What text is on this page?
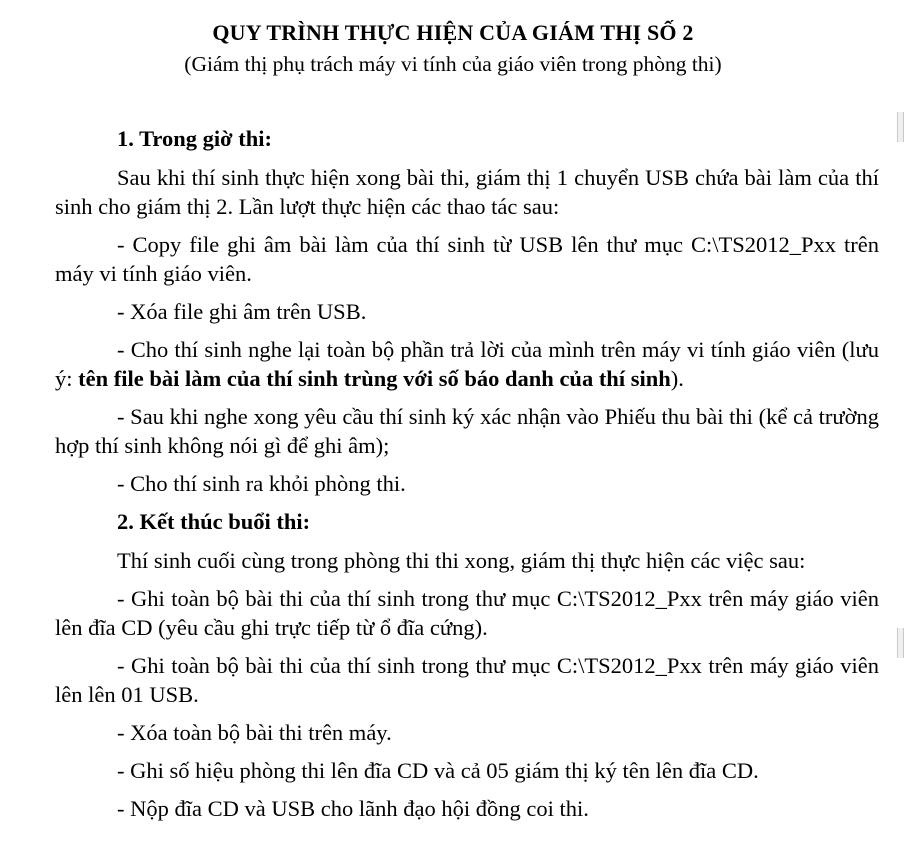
QUY TRÌNH THỰC HIỆN CỦA GIÁM THỊ SỐ 2
(Giám thị phụ trách máy vi tính của giáo viên trong phòng thi)

1. Trong giờ thi:

Sau khi thí sinh thực hiện xong bài thi, giám thị 1 chuyển USB chứa bài làm của thí sinh cho giám thị 2. Lần lượt thực hiện các thao tác sau:

- Copy file ghi âm bài làm của thí sinh từ USB lên thư mục C:\TS2012_Pxx trên máy vi tính giáo viên.

- Xóa file ghi âm trên USB.

- Cho thí sinh nghe lại toàn bộ phần trả lời của mình trên máy vi tính giáo viên (lưu ý: tên file bài làm của thí sinh trùng với số báo danh của thí sinh).

- Sau khi nghe xong yêu cầu thí sinh ký xác nhận vào Phiếu thu bài thi (kể cả trường hợp thí sinh không nói gì để ghi âm);

- Cho thí sinh ra khỏi phòng thi.

2. Kết thúc buổi thi:

Thí sinh cuối cùng trong phòng thi thi xong, giám thị thực hiện các việc sau:

- Ghi toàn bộ bài thi của thí sinh trong thư mục C:\TS2012_Pxx trên máy giáo viên lên đĩa CD (yêu cầu ghi trực tiếp từ ổ đĩa cứng).

- Ghi toàn bộ bài thi của thí sinh trong thư mục C:\TS2012_Pxx trên máy giáo viên lên lên 01 USB.

- Xóa toàn bộ bài thi trên máy.

- Ghi số hiệu phòng thi lên đĩa CD và cả 05 giám thị ký tên lên đĩa CD.

- Nộp đĩa CD và USB cho lãnh đạo hội đồng coi thi.
